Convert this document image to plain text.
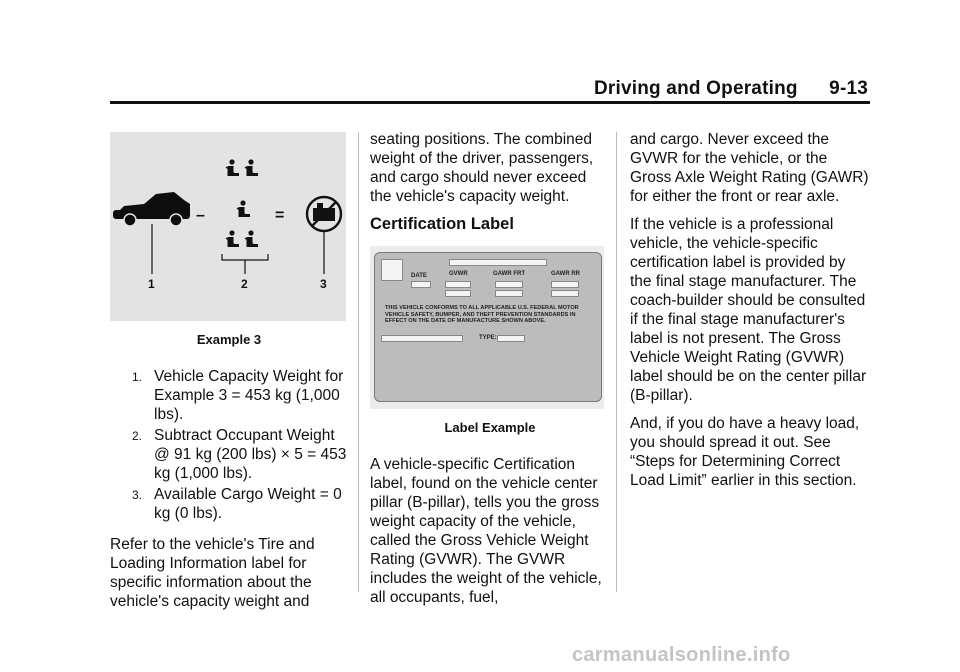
Driving and Operating 9-13
–	=
1	2	3
Example 3
1. Vehicle Capacity Weight for Example 3 = 453 kg (1,000 lbs).
2. Subtract Occupant Weight @ 91 kg (200 lbs) × 5 = 453 kg (1,000 lbs).
3. Available Cargo Weight = 0 kg (0 lbs).

Refer to the vehicle's Tire and Loading Information label for specific information about the vehicle's capacity weight and

seating positions. The combined weight of the driver, passengers, and cargo should never exceed the vehicle's capacity weight.

Certification Label
DATE	GVWR	GAWR FRT	GAWR RR
THIS VEHICLE CONFORMS TO ALL APPLICABLE U.S. FEDERAL MOTOR VEHICLE SAFETY, BUMPER, AND THEFT PREVENTION STANDARDS IN EFFECT ON THE DATE OF MANUFACTURE SHOWN ABOVE.
TYPE:
Label Example

A vehicle-specific Certification label, found on the vehicle center pillar (B-pillar), tells you the gross weight capacity of the vehicle, called the Gross Vehicle Weight Rating (GVWR). The GVWR includes the weight of the vehicle, all occupants, fuel,

and cargo. Never exceed the GVWR for the vehicle, or the Gross Axle Weight Rating (GAWR) for either the front or rear axle.

If the vehicle is a professional vehicle, the vehicle-specific certification label is provided by the final stage manufacturer. The coach-builder should be consulted if the final stage manufacturer's label is not present. The Gross Vehicle Weight Rating (GVWR) label should be on the center pillar (B-pillar).

And, if you do have a heavy load, you should spread it out. See “Steps for Determining Correct Load Limit” earlier in this section.

carmanualsonline.info
